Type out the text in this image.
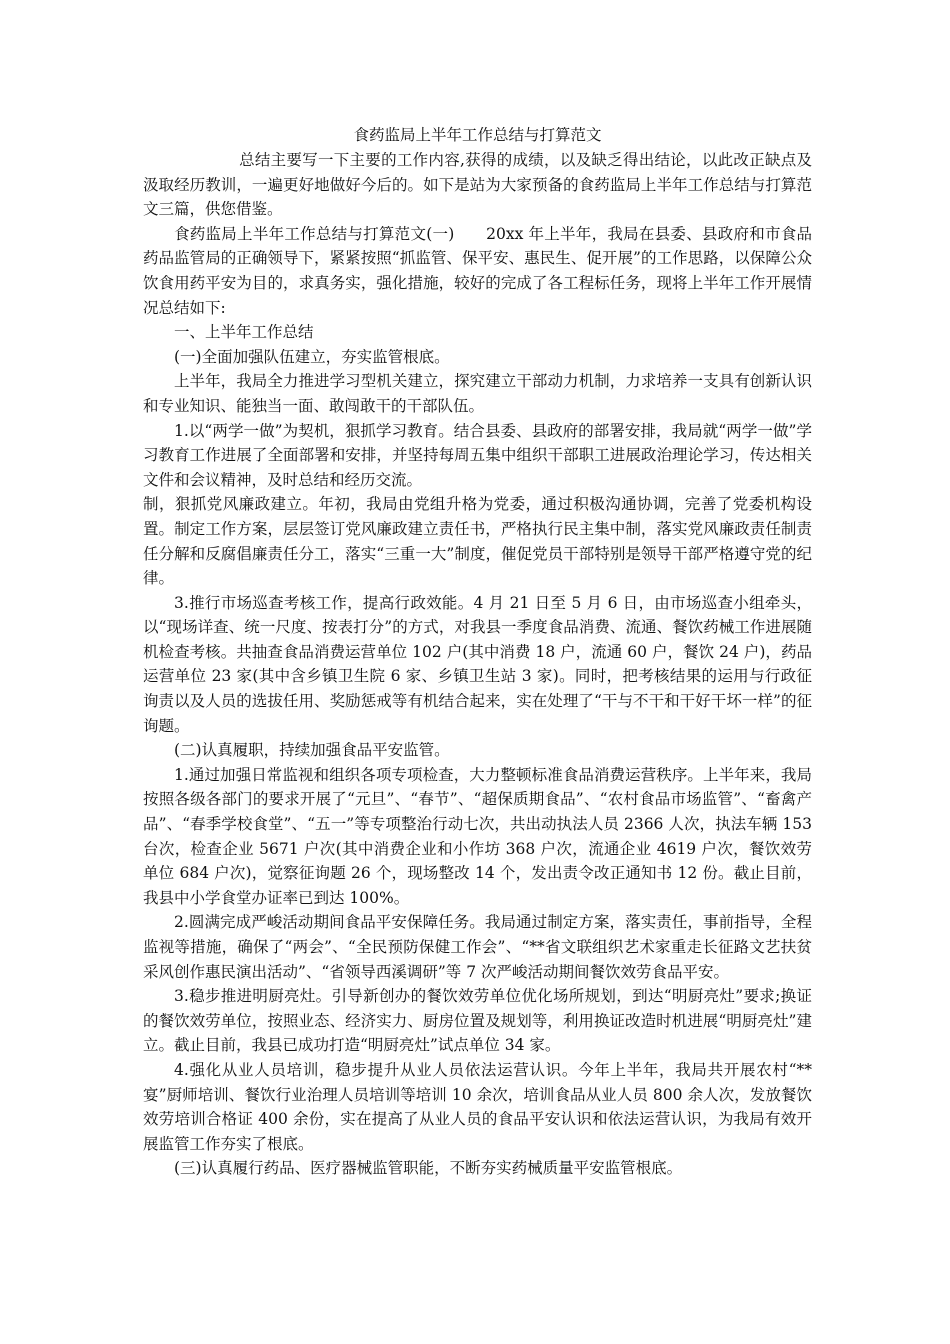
食药监局上半年工作总结与打算范文

总结主要写一下主要的工作内容,获得的成绩，以及缺乏得出结论，以此改正缺点及汲取经历教训，一遍更好地做好今后的。如下是站为大家预备的食药监局上半年工作总结与打算范文三篇，供您借鉴。

食药监局上半年工作总结与打算范文(一)　　20xx 年上半年，我局在县委、县政府和市食品药品监管局的正确领导下，紧紧按照“抓监管、保平安、惠民生、促开展”的工作思路，以保障公众饮食用药平安为目的，求真务实，强化措施，较好的完成了各工程标任务，现将上半年工作开展情况总结如下:

一、上半年工作总结

(一)全面加强队伍建立，夯实监管根底。

上半年，我局全力推进学习型机关建立，探究建立干部动力机制，力求培养一支具有创新认识和专业知识、能独当一面、敢闯敢干的干部队伍。

1.以“两学一做”为契机，狠抓学习教育。结合县委、县政府的部署安排，我局就“两学一做”学习教育工作进展了全面部署和安排，并坚持每周五集中组织干部职工进展政治理论学习，传达相关文件和会议精神，及时总结和经历交流。

制，狠抓党风廉政建立。年初，我局由党组升格为党委，通过积极沟通协调，完善了党委机构设置。制定工作方案，层层签订党风廉政建立责任书，严格执行民主集中制，落实党风廉政责任制责任分解和反腐倡廉责任分工，落实“三重一大”制度，催促党员干部特别是领导干部严格遵守党的纪律。

3.推行市场巡查考核工作，提高行政效能。4 月 21 日至 5 月 6 日，由市场巡查小组牵头，以“现场详查、统一尺度、按表打分”的方式，对我县一季度食品消费、流通、餐饮药械工作进展随机检查考核。共抽查食品消费运营单位 102 户(其中消费 18 户，流通 60 户，餐饮 24 户)，药品运营单位 23 家(其中含乡镇卫生院 6 家、乡镇卫生站 3 家)。同时，把考核结果的运用与行政征询责以及人员的选拔任用、奖励惩戒等有机结合起来，实在处理了“干与不干和干好干坏一样”的征询题。

(二)认真履职，持续加强食品平安监管。

1.通过加强日常监视和组织各项专项检查，大力整顿标准食品消费运营秩序。上半年来，我局按照各级各部门的要求开展了“元旦”、“春节”、“超保质期食品”、“农村食品市场监管”、“畜禽产品”、“春季学校食堂”、“五一”等专项整治行动七次，共出动执法人员 2366 人次，执法车辆 153 台次，检查企业 5671 户次(其中消费企业和小作坊 368 户次，流通企业 4619 户次，餐饮效劳单位 684 户次)，觉察征询题 26 个，现场整改 14 个，发出责令改正通知书 12 份。截止目前，我县中小学食堂办证率已到达 100%。

2.圆满完成严峻活动期间食品平安保障任务。我局通过制定方案，落实责任，事前指导，全程监视等措施，确保了“两会”、“全民预防保健工作会”、“**省文联组织艺术家重走长征路文艺扶贫采风创作惠民演出活动”、“省领导西溪调研”等 7 次严峻活动期间餐饮效劳食品平安。

3.稳步推进明厨亮灶。引导新创办的餐饮效劳单位优化场所规划，到达“明厨亮灶”要求;换证的餐饮效劳单位，按照业态、经济实力、厨房位置及规划等，利用换证改造时机进展“明厨亮灶”建立。截止目前，我县已成功打造“明厨亮灶”试点单位 34 家。

4.强化从业人员培训，稳步提升从业人员依法运营认识。今年上半年，我局共开展农村“**宴”厨师培训、餐饮行业治理人员培训等培训 10 余次，培训食品从业人员 800 余人次，发放餐饮效劳培训合格证 400 余份，实在提高了从业人员的食品平安认识和依法运营认识，为我局有效开展监管工作夯实了根底。

(三)认真履行药品、医疗器械监管职能，不断夯实药械质量平安监管根底。
